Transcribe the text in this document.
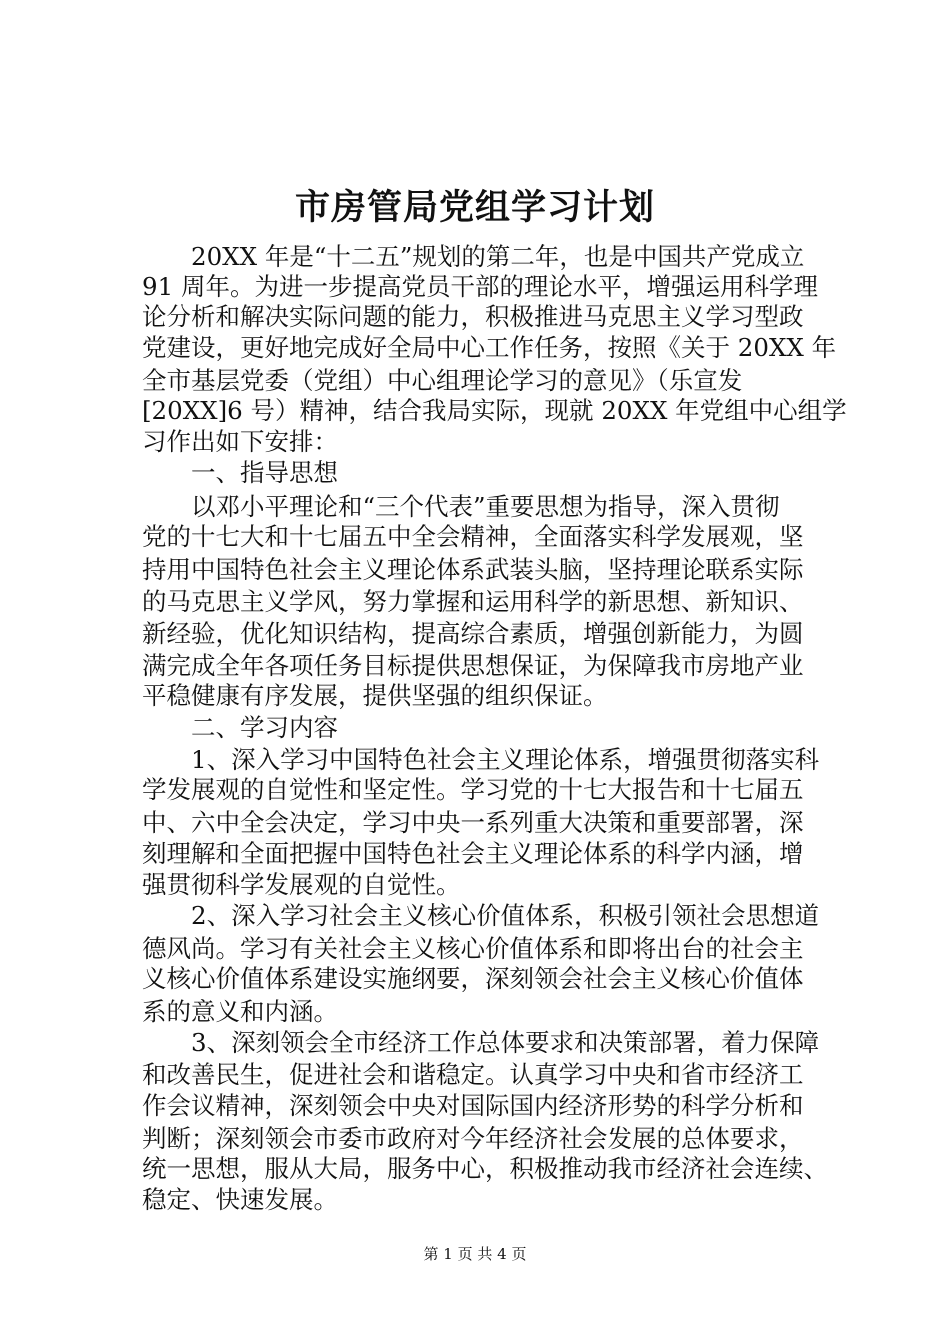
市房管局党组学习计划
　　20XX 年是“十二五”规划的第二年，也是中国共产党成立
91 周年。为进一步提高党员干部的理论水平，增强运用科学理
论分析和解决实际问题的能力，积极推进马克思主义学习型政
党建设，更好地完成好全局中心工作任务，按照《关于 20XX 年
全市基层党委（党组）中心组理论学习的意见》（乐宣发
[20XX]6 号）精神，结合我局实际，现就 20XX 年党组中心组学
习作出如下安排：
　　一、指导思想
　　以邓小平理论和“三个代表”重要思想为指导，深入贯彻
党的十七大和十七届五中全会精神，全面落实科学发展观，坚
持用中国特色社会主义理论体系武装头脑，坚持理论联系实际
的马克思主义学风，努力掌握和运用科学的新思想、新知识、
新经验，优化知识结构，提高综合素质，增强创新能力，为圆
满完成全年各项任务目标提供思想保证，为保障我市房地产业
平稳健康有序发展，提供坚强的组织保证。
　　二、学习内容
　　1、深入学习中国特色社会主义理论体系，增强贯彻落实科
学发展观的自觉性和坚定性。学习党的十七大报告和十七届五
中、六中全会决定，学习中央一系列重大决策和重要部署，深
刻理解和全面把握中国特色社会主义理论体系的科学内涵，增
强贯彻科学发展观的自觉性。
　　2、深入学习社会主义核心价值体系，积极引领社会思想道
德风尚。学习有关社会主义核心价值体系和即将出台的社会主
义核心价值体系建设实施纲要，深刻领会社会主义核心价值体
系的意义和内涵。
　　3、深刻领会全市经济工作总体要求和决策部署，着力保障
和改善民生，促进社会和谐稳定。认真学习中央和省市经济工
作会议精神，深刻领会中央对国际国内经济形势的科学分析和
判断；深刻领会市委市政府对今年经济社会发展的总体要求，
统一思想，服从大局，服务中心，积极推动我市经济社会连续、
稳定、快速发展。
第 1 页 共 4 页
